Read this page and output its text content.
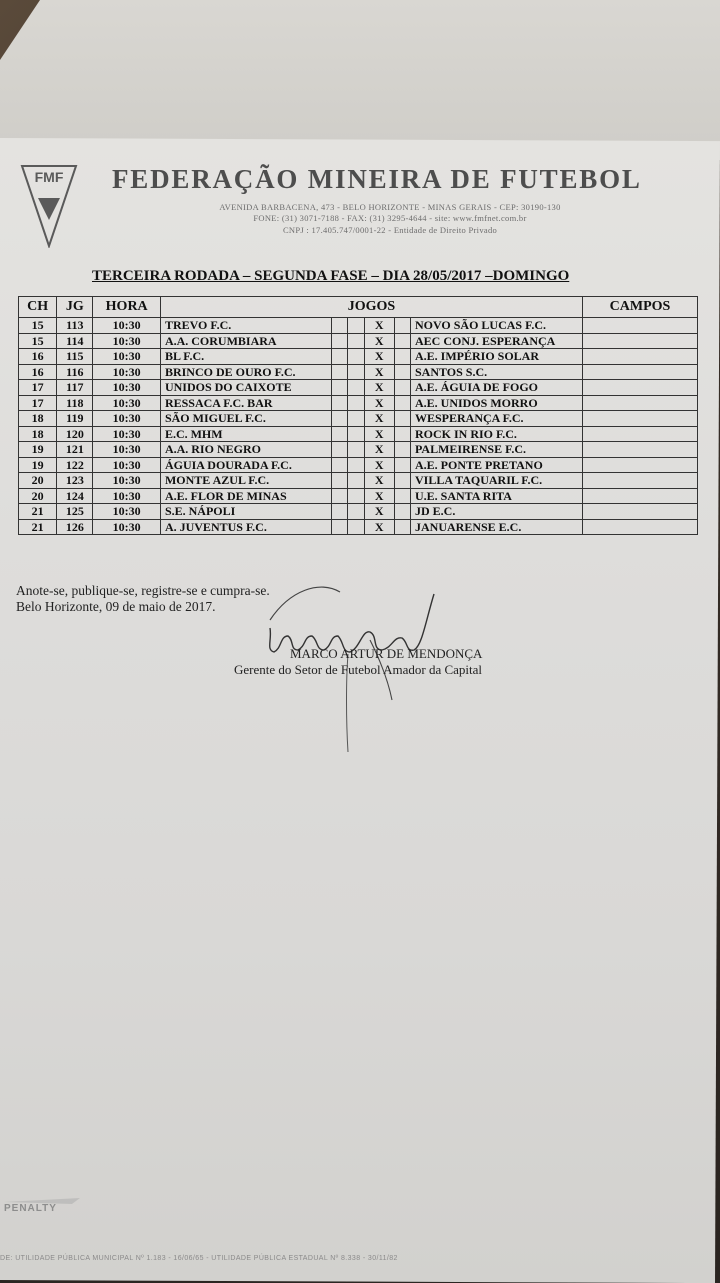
FMF FEDERAÇÃO MINEIRA DE FUTEBOL
AVENIDA BARBACENA, 473 - BELO HORIZONTE - MINAS GERAIS - CEP: 30190-130
FONE: (31) 3071-7188 - FAX: (31) 3295-4644 - site: www.fmfnet.com.br
CNPJ : 17.405.747/0001-22 - Entidade de Direito Privado
TERCEIRA RODADA – SEGUNDA FASE – DIA 28/05/2017 –DOMINGO
CH	JG	HORA	JOGOS						CAMPOS
15	113	10:30	TREVO F.C.			X		NOVO SÃO LUCAS F.C.	
15	114	10:30	A.A. CORUMBIARA			X		AEC CONJ. ESPERANÇA	
16	115	10:30	BL F.C.			X		A.E. IMPÉRIO SOLAR	
16	116	10:30	BRINCO DE OURO F.C.			X		SANTOS S.C.	
17	117	10:30	UNIDOS DO CAIXOTE			X		A.E. ÁGUIA DE FOGO	
17	118	10:30	RESSACA F.C. BAR			X		A.E. UNIDOS MORRO	
18	119	10:30	SÃO MIGUEL F.C.			X		WESPERANÇA F.C.	
18	120	10:30	E.C. MHM			X		ROCK IN RIO F.C.	
19	121	10:30	A.A. RIO NEGRO			X		PALMEIRENSE F.C.	
19	122	10:30	ÁGUIA DOURADA F.C.			X		A.E. PONTE PRETANO	
20	123	10:30	MONTE AZUL F.C.			X		VILLA TAQUARIL F.C.	
20	124	10:30	A.E. FLOR DE MINAS			X		U.E. SANTA RITA	
21	125	10:30	S.E. NÁPOLI			X		JD E.C.	
21	126	10:30	A. JUVENTUS F.C.			X		JANUARENSE E.C.	
Anote-se, publique-se, registre-se e cumpra-se.
Belo Horizonte, 09 de maio de 2017.
MARCO ARTUR DE MENDONÇA
Gerente do Setor de Futebol Amador da Capital
PENALTY
DE: UTILIDADE PÚBLICA MUNICIPAL Nº 1.183 - 16/06/65 - UTILIDADE PÚBLICA ESTADUAL Nº 8.338 - 30/11/82
